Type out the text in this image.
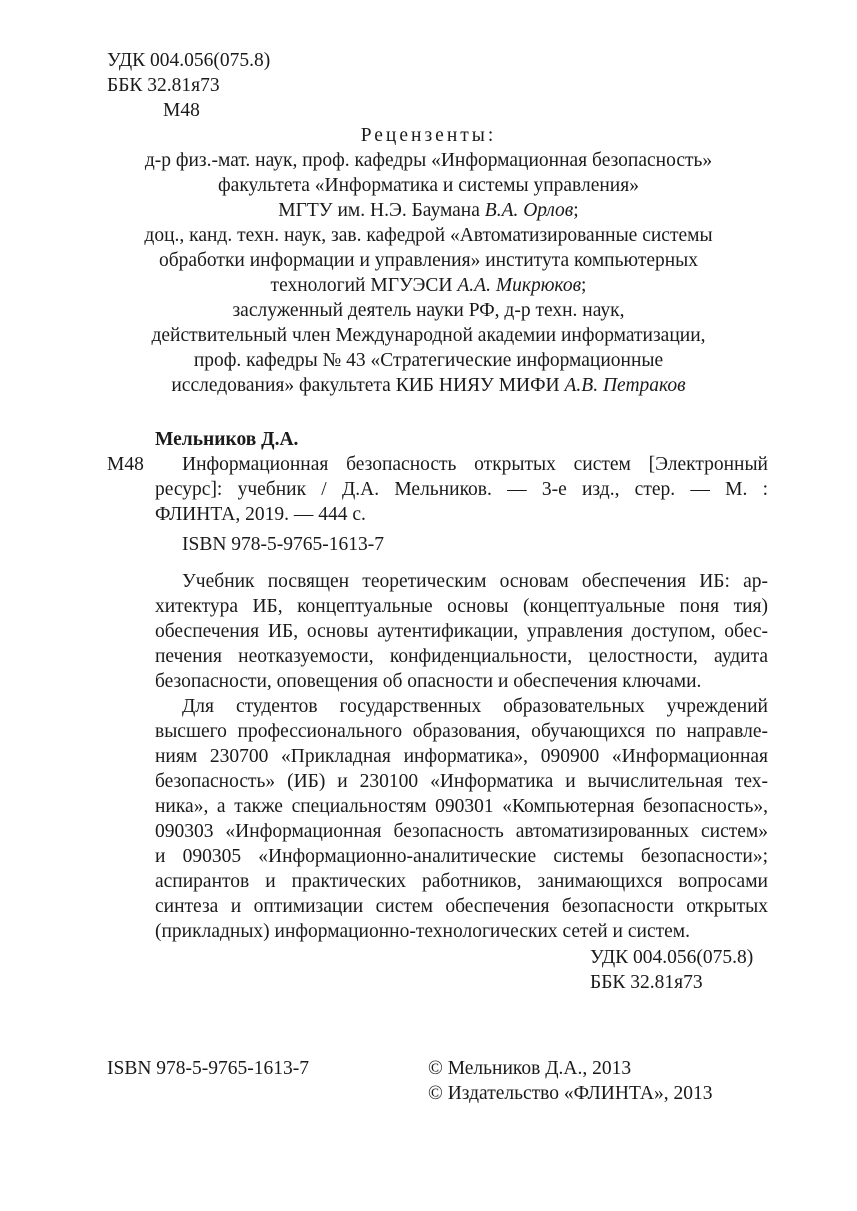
УДК 004.056(075.8)
ББК 32.81я73
М48
Рецензенты:
д-р физ.-мат. наук, проф. кафедры «Информационная безопасность»
факультета «Информатика и системы управления»
МГТУ им. Н.Э. Баумана В.А. Орлов;
доц., канд. техн. наук, зав. кафедрой «Автоматизированные системы
обработки информации и управления» института компьютерных
технологий МГУЭСИ А.А. Микрюков;
заслуженный деятель науки РФ, д-р техн. наук,
действительный член Международной академии информатизации,
проф. кафедры № 43 «Стратегические информационные
исследования» факультета КИБ НИЯУ МИФИ А.В. Петраков
Мельников Д.А.
М48 Информационная безопасность открытых систем [Электронный
ресурс]: учебник / Д.А. Мельников. — 3-е изд., стер. — М. :
ФЛИНТА, 2019. — 444 с.
ISBN 978-5-9765-1613-7
Учебник посвящен теоретическим основам обеспечения ИБ: ар-
хитектура ИБ, концептуальные основы (концептуальные поня тия)
обеспечения ИБ, основы аутентификации, управления доступом, обес-
печения неотказуемости, конфиденциальности, целостности, аудита
безопасности, оповещения об опасности и обеспечения ключами.
Для студентов государственных образовательных учреждений
высшего профессионального образования, обучающихся по направле-
ниям 230700 «Прикладная информатика», 090900 «Информационная
безопасность» (ИБ) и 230100 «Информатика и вычислительная тех-
ника», а также специальностям 090301 «Компьютерная безопасность»,
090303 «Информационная безопасность автоматизированных систем»
и 090305 «Информационно-аналитические системы безопасности»;
аспирантов и практических работников, занимающихся вопросами
синтеза и оптимизации систем обеспечения безопасности открытых
(прикладных) информационно-технологических сетей и систем.
УДК 004.056(075.8)
ББК 32.81я73
ISBN 978-5-9765-1613-7	© Мельников Д.А., 2013
© Издательство «ФЛИНТА», 2013
